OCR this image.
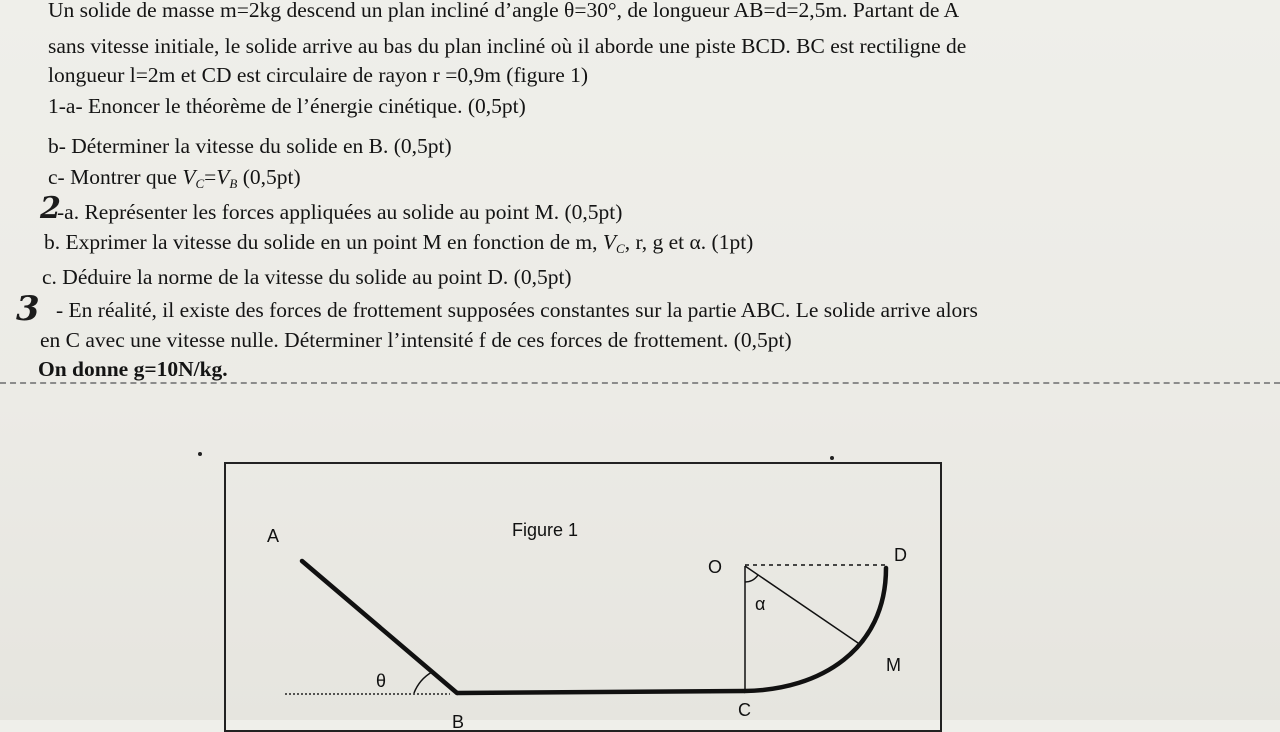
Un solide de masse m=2kg descend un plan incliné d’angle θ=30°, de longueur AB=d=2,5m. Partant de A
sans vitesse initiale, le solide arrive au bas du plan incliné où il aborde une piste BCD. BC est rectiligne de
longueur l=2m et CD est circulaire de rayon r =0,9m (figure 1)
1-a- Enoncer le théorème de l’énergie cinétique. (0,5pt)
b- Déterminer la vitesse du solide en B. (0,5pt)
c- Montrer que $V_C=V_B$ (0,5pt)
2
-a. Représenter les forces appliquées au solide au point M. (0,5pt)
b. Exprimer la vitesse du solide en un point M en fonction de m, $V_C$, r, g et α. (1pt)
c. Déduire la norme de la vitesse du solide au point D. (0,5pt)
3 - En réalité, il existe des forces de frottement supposées constantes sur la partie ABC. Le solide arrive alors
en C avec une vitesse nulle. Déterminer l’intensité f de ces forces de frottement. (0,5pt)
On donne g=10N/kg.
Figure 1
A
B
C
D
O
M
θ
α
